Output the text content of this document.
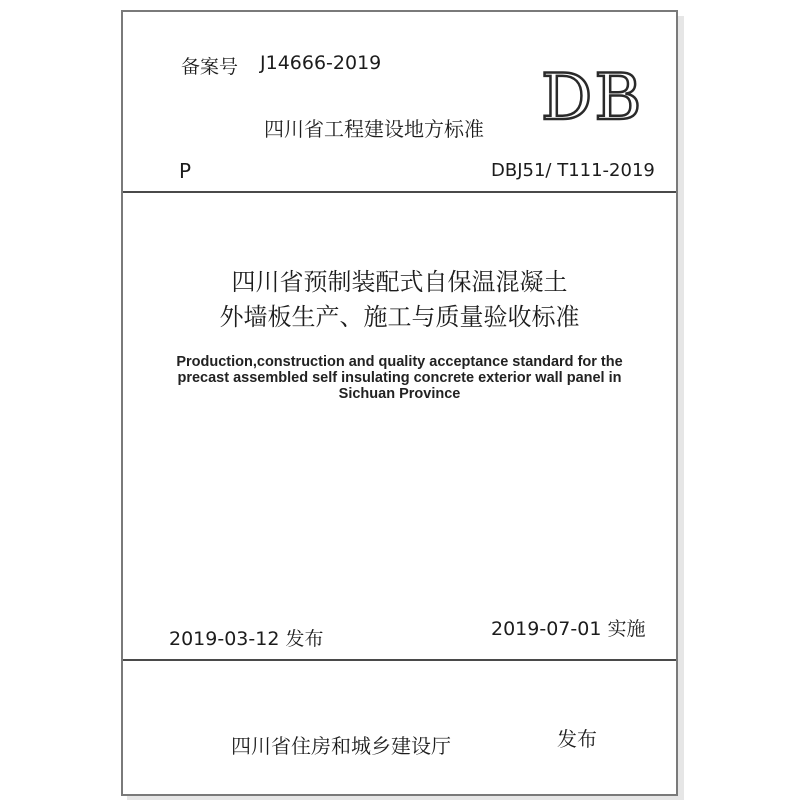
备案号 J14666-2019 DB
四川省工程建设地方标准
P	DBJ51/ T111-2019
四川省预制装配式自保温混凝土
外墙板生产、施工与质量验收标准
Production,construction and quality acceptance standard for the
precast assembled self insulating concrete exterior wall panel in
Sichuan Province
2019-03-12 发布	2019-07-01 实施
四川省住房和城乡建设厅	发布
